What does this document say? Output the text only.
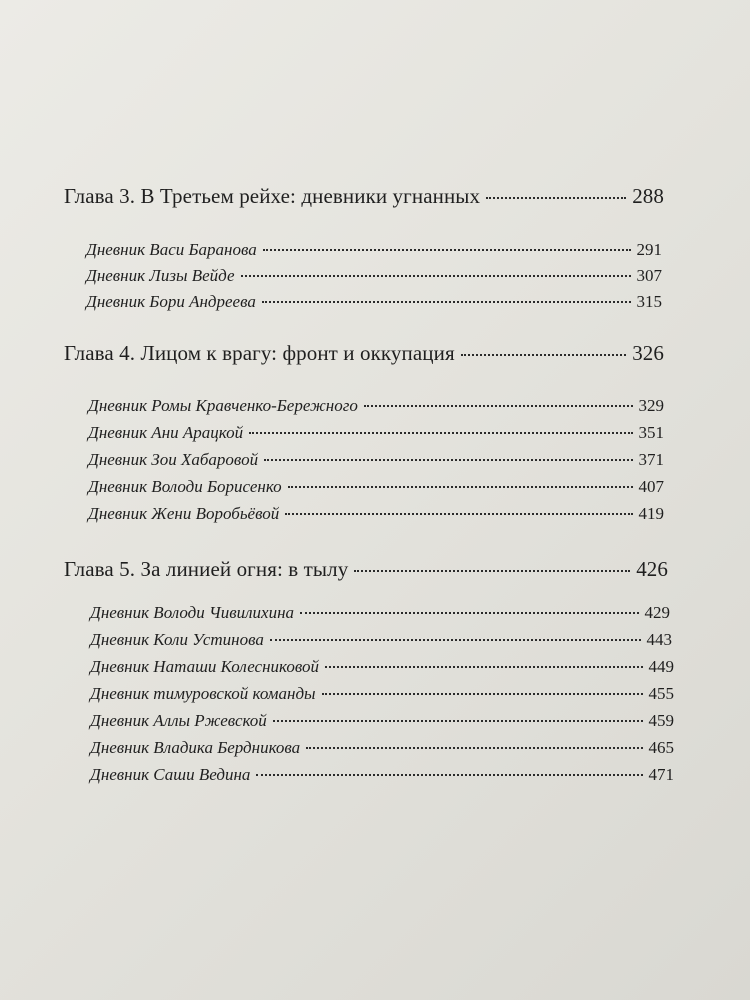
Глава 3. В Третьем рейхе: дневники угнанных	288
Дневник Васи Баранова	291
Дневник Лизы Вейде	307
Дневник Бори Андреева	315
Глава 4. Лицом к врагу: фронт и оккупация	326
Дневник Ромы Кравченко-Бережного	329
Дневник Ани Арацкой	351
Дневник Зои Хабаровой	371
Дневник Володи Борисенко	407
Дневник Жени Воробьёвой	419
Глава 5. За линией огня: в тылу	426
Дневник Володи Чивилихина	429
Дневник Коли Устинова	443
Дневник Наташи Колесниковой	449
Дневник тимуровской команды	455
Дневник Аллы Ржевской	459
Дневник Владика Бердникова	465
Дневник Саши Ведина	471
